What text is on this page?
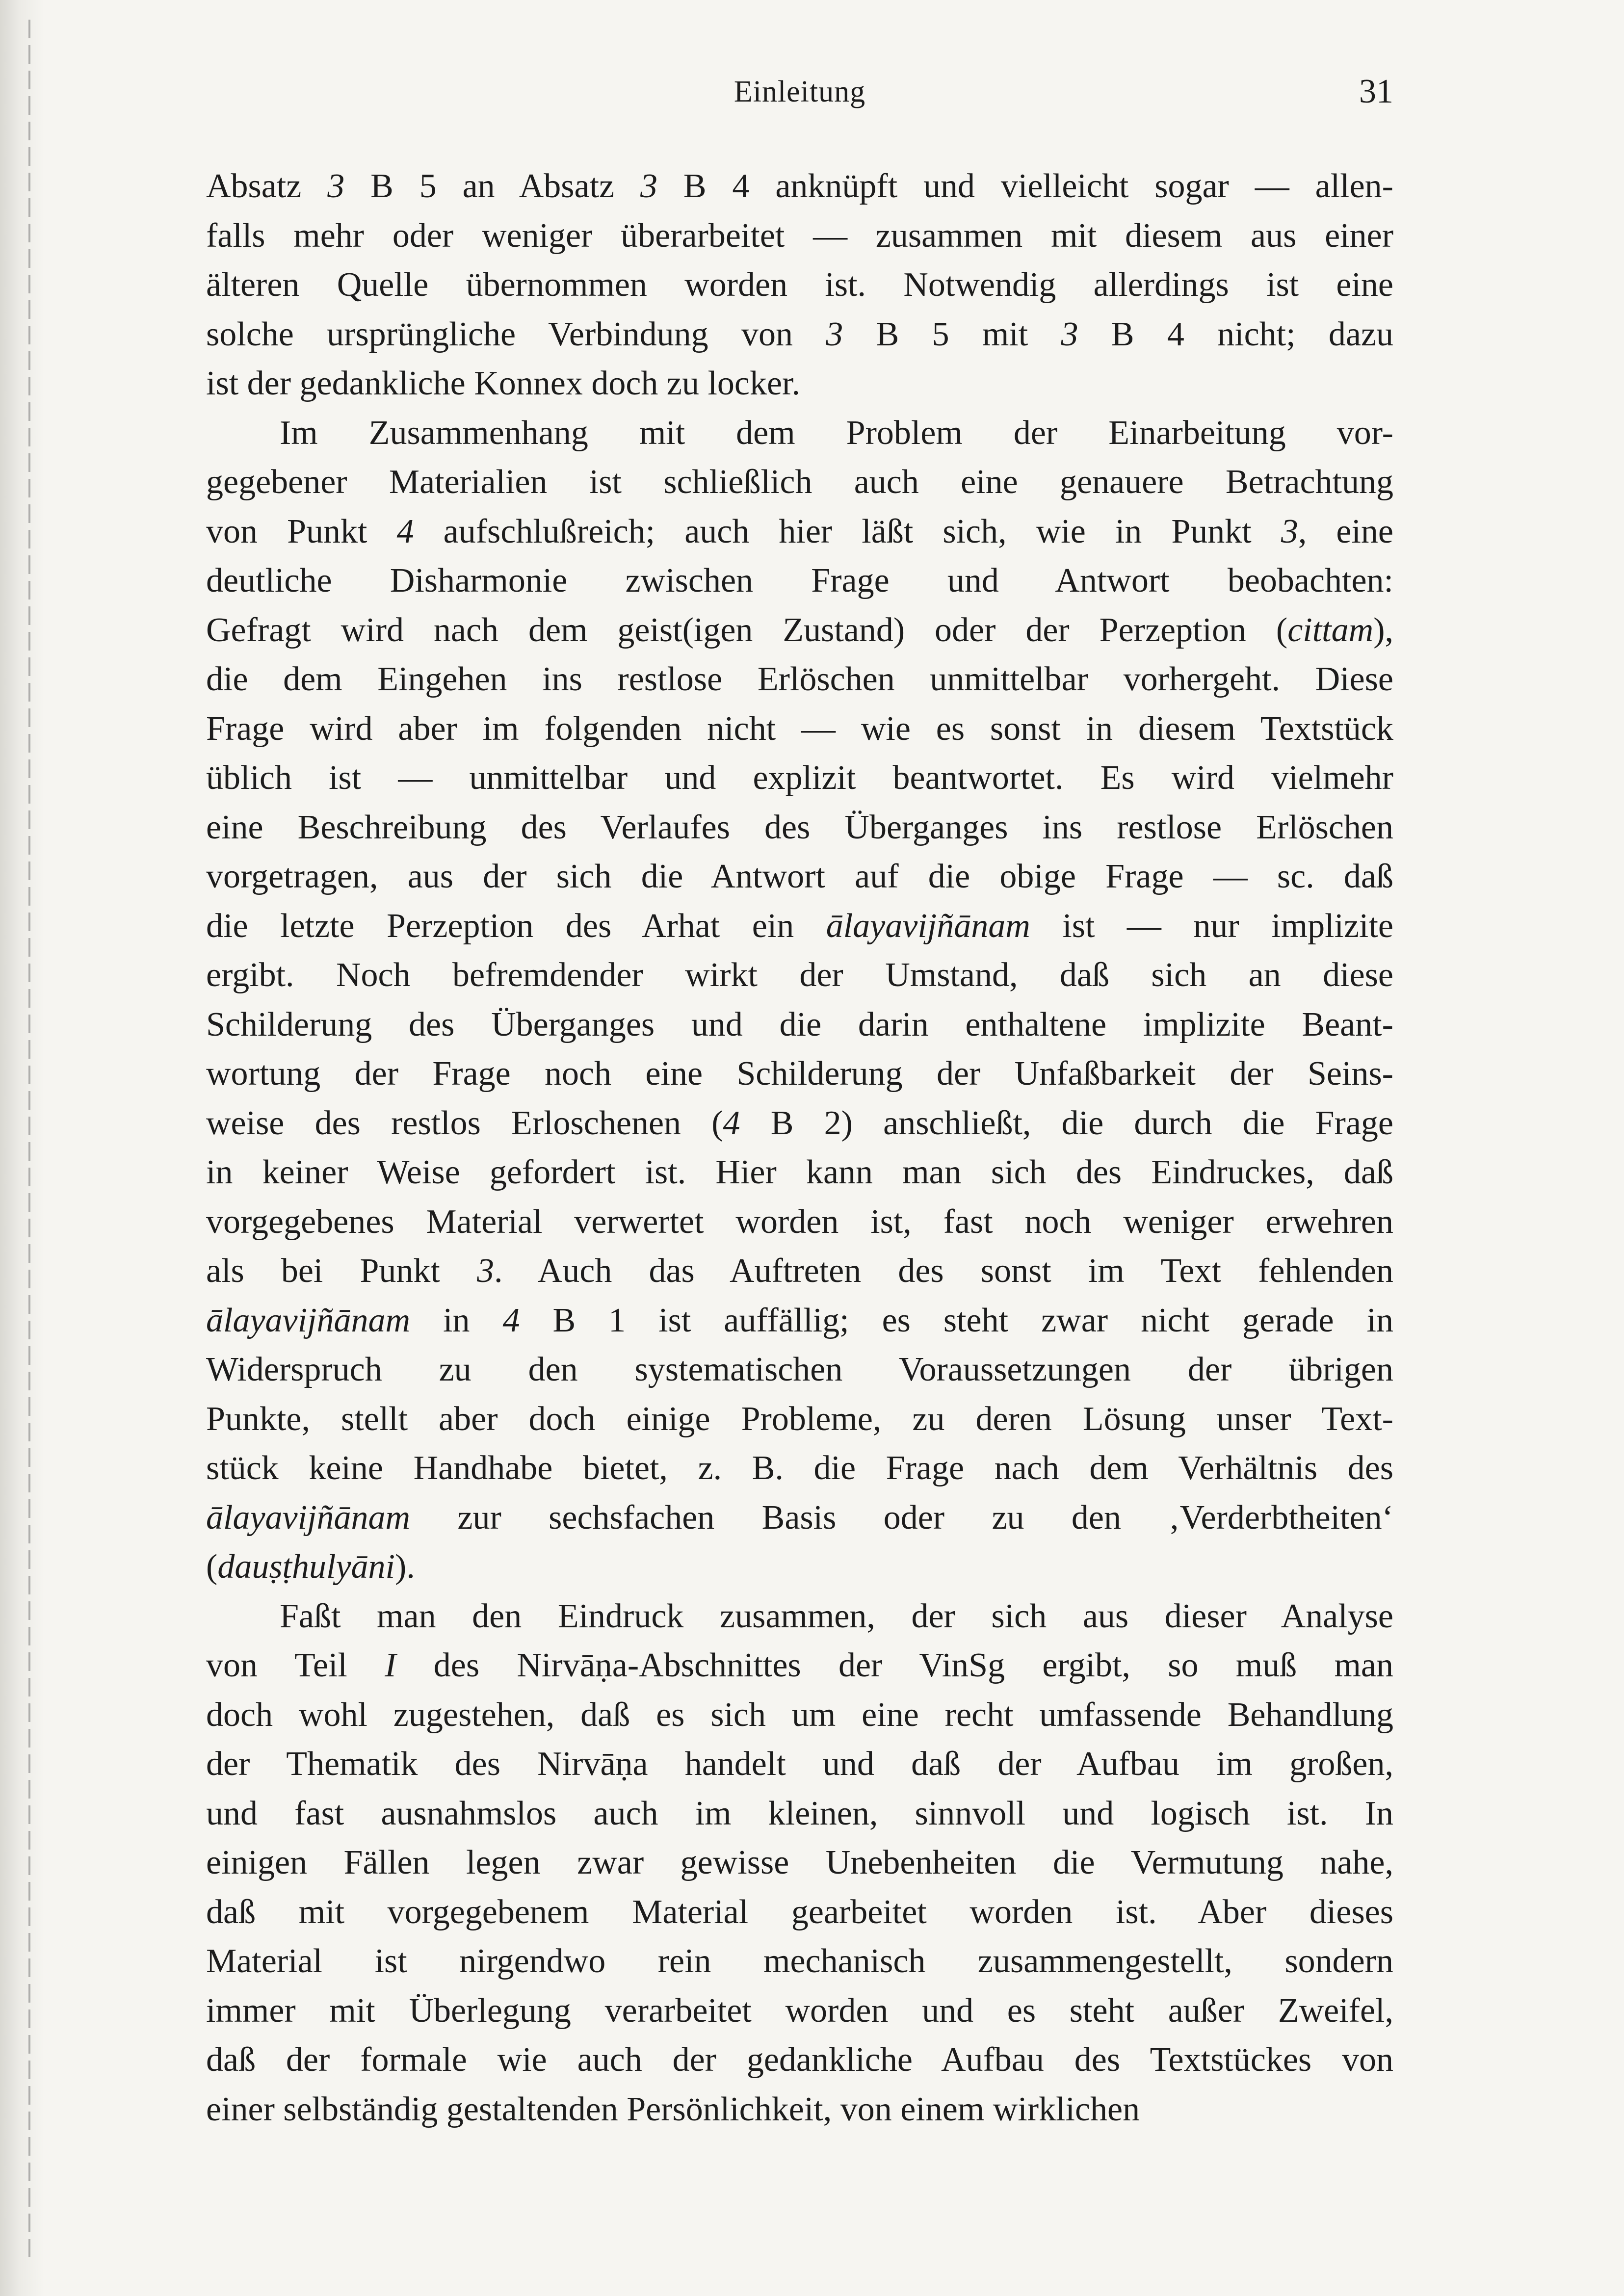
Einleitung	31
Absatz 3 B 5 an Absatz 3 B 4 anknüpft und vielleicht sogar — allen-
falls mehr oder weniger überarbeitet — zusammen mit diesem aus einer
älteren Quelle übernommen worden ist. Notwendig allerdings ist eine
solche ursprüngliche Verbindung von 3 B 5 mit 3 B 4 nicht; dazu
ist der gedankliche Konnex doch zu locker.
Im Zusammenhang mit dem Problem der Einarbeitung vor-
gegebener Materialien ist schließlich auch eine genauere Betrachtung
von Punkt 4 aufschlußreich; auch hier läßt sich, wie in Punkt 3, eine
deutliche Disharmonie zwischen Frage und Antwort beobachten:
Gefragt wird nach dem geist(igen Zustand) oder der Perzeption (cittam),
die dem Eingehen ins restlose Erlöschen unmittelbar vorhergeht. Diese
Frage wird aber im folgenden nicht — wie es sonst in diesem Textstück
üblich ist — unmittelbar und explizit beantwortet. Es wird vielmehr
eine Beschreibung des Verlaufes des Überganges ins restlose Erlöschen
vorgetragen, aus der sich die Antwort auf die obige Frage — sc. daß
die letzte Perzeption des Arhat ein ālayavijñānam ist — nur implizite
ergibt. Noch befremdender wirkt der Umstand, daß sich an diese
Schilderung des Überganges und die darin enthaltene implizite Beant-
wortung der Frage noch eine Schilderung der Unfaßbarkeit der Seins-
weise des restlos Erloschenen (4 B 2) anschließt, die durch die Frage
in keiner Weise gefordert ist. Hier kann man sich des Eindruckes, daß
vorgegebenes Material verwertet worden ist, fast noch weniger erwehren
als bei Punkt 3. Auch das Auftreten des sonst im Text fehlenden
ālayavijñānam in 4 B 1 ist auffällig; es steht zwar nicht gerade in
Widerspruch zu den systematischen Voraussetzungen der übrigen
Punkte, stellt aber doch einige Probleme, zu deren Lösung unser Text-
stück keine Handhabe bietet, z. B. die Frage nach dem Verhältnis des
ālayavijñānam zur sechsfachen Basis oder zu den ‚Verderbtheiten‘
(dauṣṭhulyāni).
Faßt man den Eindruck zusammen, der sich aus dieser Analyse
von Teil I des Nirvāṇa-Abschnittes der VinSg ergibt, so muß man
doch wohl zugestehen, daß es sich um eine recht umfassende Behandlung
der Thematik des Nirvāṇa handelt und daß der Aufbau im großen,
und fast ausnahmslos auch im kleinen, sinnvoll und logisch ist. In
einigen Fällen legen zwar gewisse Unebenheiten die Vermutung nahe,
daß mit vorgegebenem Material gearbeitet worden ist. Aber dieses
Material ist nirgendwo rein mechanisch zusammengestellt, sondern
immer mit Überlegung verarbeitet worden und es steht außer Zweifel,
daß der formale wie auch der gedankliche Aufbau des Textstückes von
einer selbständig gestaltenden Persönlichkeit, von einem wirklichen
